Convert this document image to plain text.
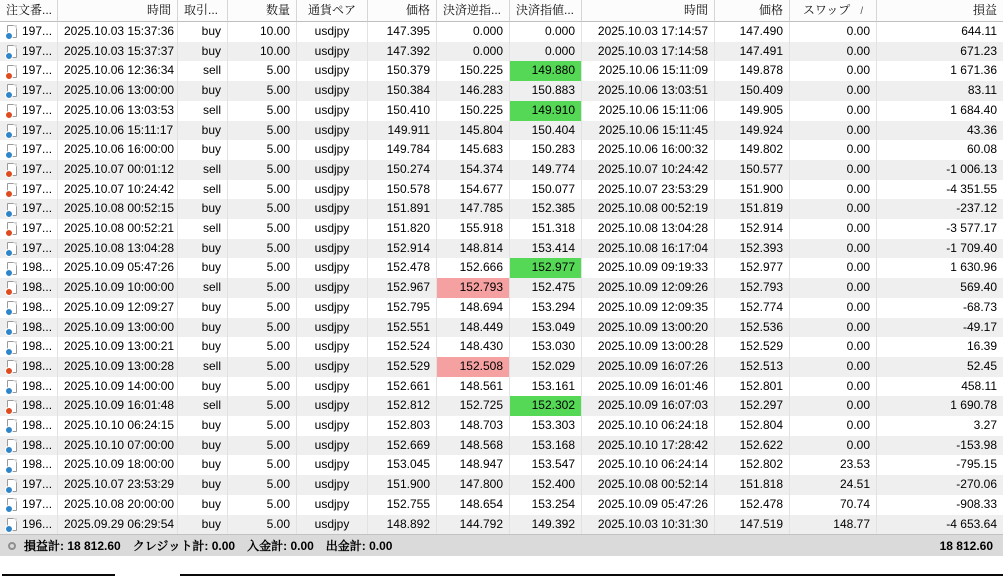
注文番...	時間	取引...	数量	通貨ペア	価格	決済逆指...	決済指値...	時間	価格	スワップ /	損益
197... 2025.10.03 15:37:36	buy	10.00	usdjpy	147.395	0.000	0.000	2025.10.03 17:14:57	147.490	0.00	644.11
197... 2025.10.03 15:37:37	buy	10.00	usdjpy	147.392	0.000	0.000	2025.10.03 17:14:58	147.491	0.00	671.23
197... 2025.10.06 12:36:34	sell	5.00	usdjpy	150.379	150.225	149.880	2025.10.06 15:11:09	149.878	0.00	1 671.36
197... 2025.10.06 13:00:00	buy	5.00	usdjpy	150.384	146.283	150.883	2025.10.06 13:03:51	150.409	0.00	83.11
197... 2025.10.06 13:03:53	sell	5.00	usdjpy	150.410	150.225	149.910	2025.10.06 15:11:06	149.905	0.00	1 684.40
197... 2025.10.06 15:11:17	buy	5.00	usdjpy	149.911	145.804	150.404	2025.10.06 15:11:45	149.924	0.00	43.36
197... 2025.10.06 16:00:00	buy	5.00	usdjpy	149.784	145.683	150.283	2025.10.06 16:00:32	149.802	0.00	60.08
197... 2025.10.07 00:01:12	sell	5.00	usdjpy	150.274	154.374	149.774	2025.10.07 10:24:42	150.577	0.00	-1 006.13
197... 2025.10.07 10:24:42	sell	5.00	usdjpy	150.578	154.677	150.077	2025.10.07 23:53:29	151.900	0.00	-4 351.55
197... 2025.10.08 00:52:15	buy	5.00	usdjpy	151.891	147.785	152.385	2025.10.08 00:52:19	151.819	0.00	-237.12
197... 2025.10.08 00:52:21	sell	5.00	usdjpy	151.820	155.918	151.318	2025.10.08 13:04:28	152.914	0.00	-3 577.17
197... 2025.10.08 13:04:28	buy	5.00	usdjpy	152.914	148.814	153.414	2025.10.08 16:17:04	152.393	0.00	-1 709.40
198... 2025.10.09 05:47:26	buy	5.00	usdjpy	152.478	152.666	152.977	2025.10.09 09:19:33	152.977	0.00	1 630.96
198... 2025.10.09 10:00:00	sell	5.00	usdjpy	152.967	152.793	152.475	2025.10.09 12:09:26	152.793	0.00	569.40
198... 2025.10.09 12:09:27	buy	5.00	usdjpy	152.795	148.694	153.294	2025.10.09 12:09:35	152.774	0.00	-68.73
198... 2025.10.09 13:00:00	buy	5.00	usdjpy	152.551	148.449	153.049	2025.10.09 13:00:20	152.536	0.00	-49.17
198... 2025.10.09 13:00:21	buy	5.00	usdjpy	152.524	148.430	153.030	2025.10.09 13:00:28	152.529	0.00	16.39
198... 2025.10.09 13:00:28	sell	5.00	usdjpy	152.529	152.508	152.029	2025.10.09 16:07:26	152.513	0.00	52.45
198... 2025.10.09 14:00:00	buy	5.00	usdjpy	152.661	148.561	153.161	2025.10.09 16:01:46	152.801	0.00	458.11
198... 2025.10.09 16:01:48	sell	5.00	usdjpy	152.812	152.725	152.302	2025.10.09 16:07:03	152.297	0.00	1 690.78
198... 2025.10.10 06:24:15	buy	5.00	usdjpy	152.803	148.703	153.303	2025.10.10 06:24:18	152.804	0.00	3.27
198... 2025.10.10 07:00:00	buy	5.00	usdjpy	152.669	148.568	153.168	2025.10.10 17:28:42	152.622	0.00	-153.98
198... 2025.10.09 18:00:00	buy	5.00	usdjpy	153.045	148.947	153.547	2025.10.10 06:24:14	152.802	23.53	-795.15
197... 2025.10.07 23:53:29	buy	5.00	usdjpy	151.900	147.800	152.400	2025.10.08 00:52:14	151.818	24.51	-270.06
197... 2025.10.08 20:00:00	buy	5.00	usdjpy	152.755	148.654	153.254	2025.10.09 05:47:26	152.478	70.74	-908.33
196... 2025.09.29 06:29:54	buy	5.00	usdjpy	148.892	144.792	149.392	2025.10.03 10:31:30	147.519	148.77	-4 653.64
損益計: 18 812.60 クレジット計: 0.00 入金計: 0.00 出金計: 0.00	18 812.60
